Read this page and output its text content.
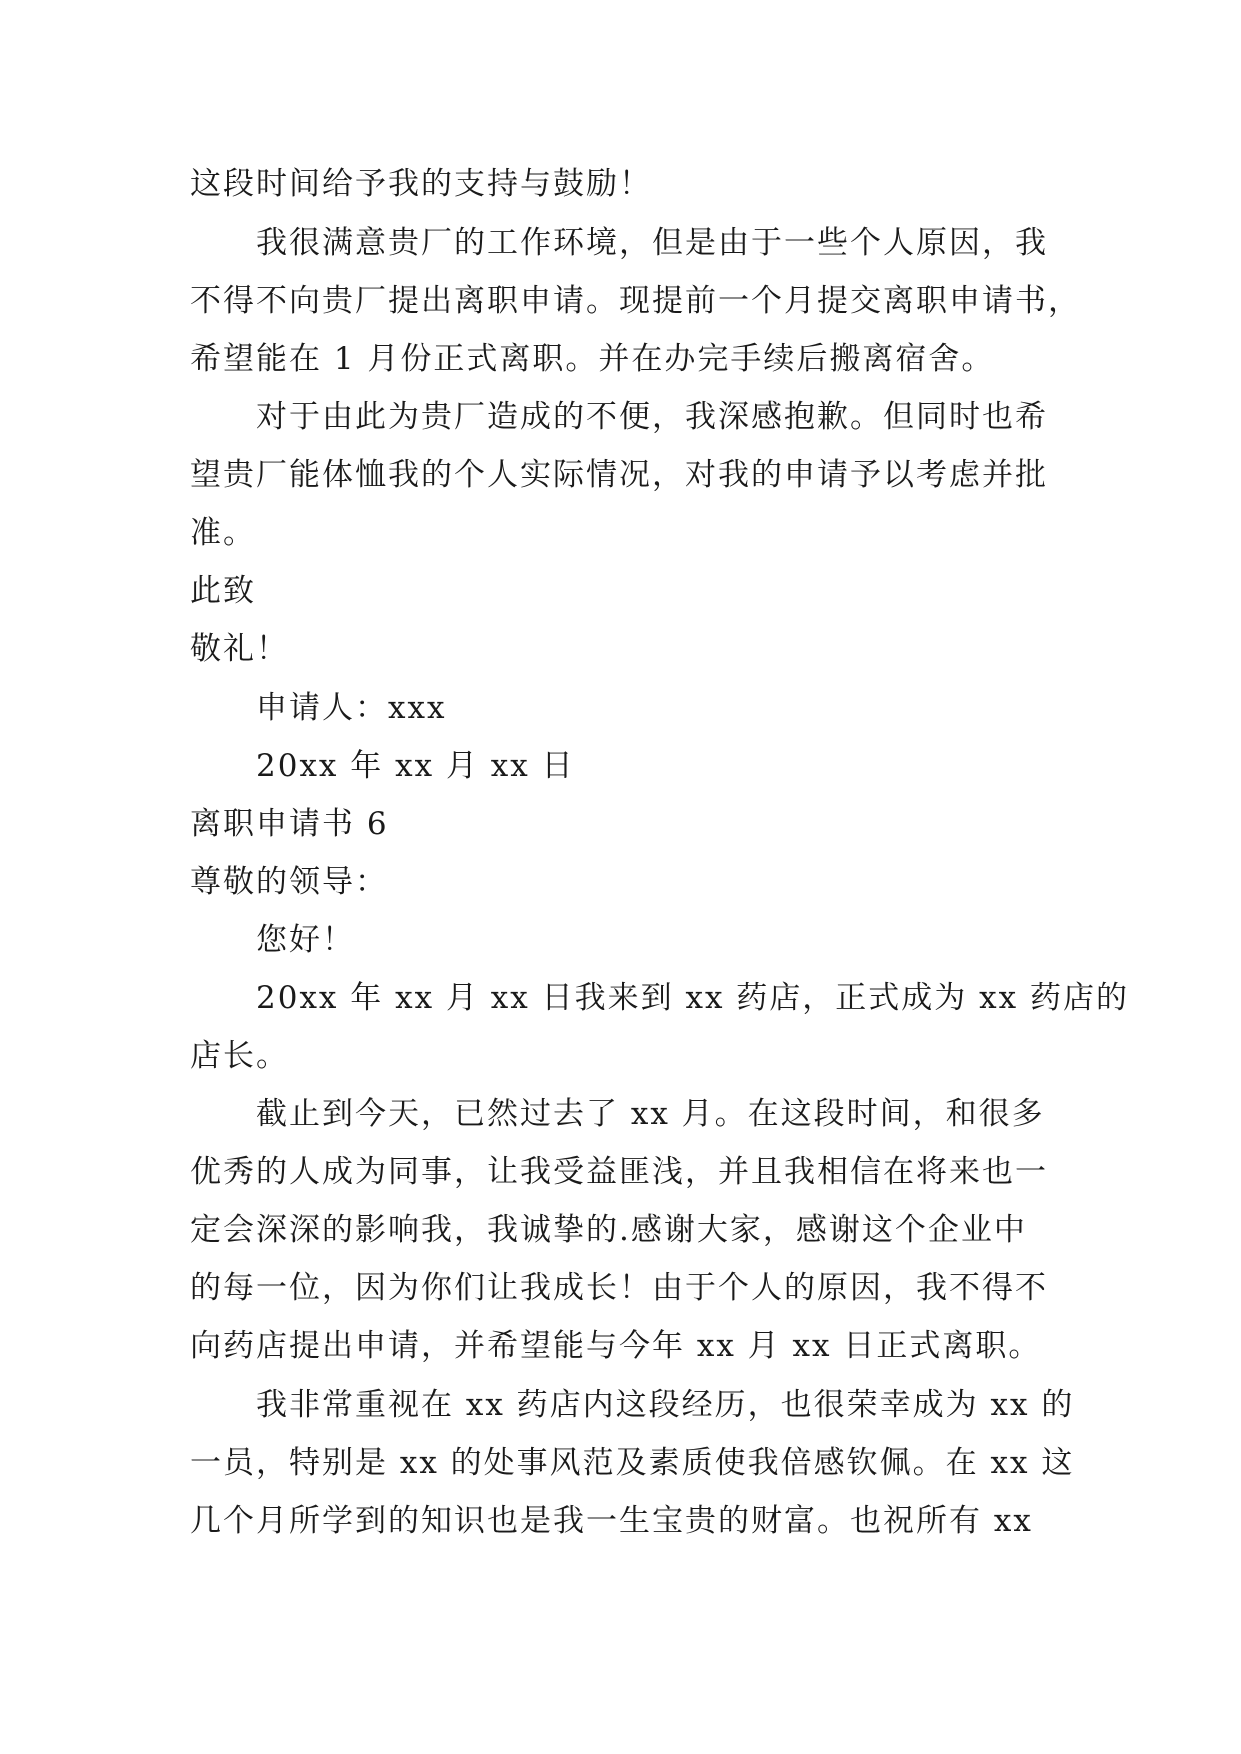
这段时间给予我的支持与鼓励！
我很满意贵厂的工作环境，但是由于一些个人原因，我
不得不向贵厂提出离职申请。现提前一个月提交离职申请书，
希望能在 1 月份正式离职。并在办完手续后搬离宿舍。
对于由此为贵厂造成的不便，我深感抱歉。但同时也希
望贵厂能体恤我的个人实际情况，对我的申请予以考虑并批
准。
此致
敬礼！
申请人：xxx
20xx 年 xx 月 xx 日
离职申请书 6
尊敬的领导：
您好！
20xx 年 xx 月 xx 日我来到 xx 药店，正式成为 xx 药店的
店长。
截止到今天，已然过去了 xx 月。在这段时间，和很多
优秀的人成为同事，让我受益匪浅，并且我相信在将来也一
定会深深的影响我，我诚挚的.感谢大家，感谢这个企业中
的每一位，因为你们让我成长！由于个人的原因，我不得不
向药店提出申请，并希望能与今年 xx 月 xx 日正式离职。
我非常重视在 xx 药店内这段经历，也很荣幸成为 xx 的
一员，特别是 xx 的处事风范及素质使我倍感钦佩。在 xx 这
几个月所学到的知识也是我一生宝贵的财富。也祝所有 xx
